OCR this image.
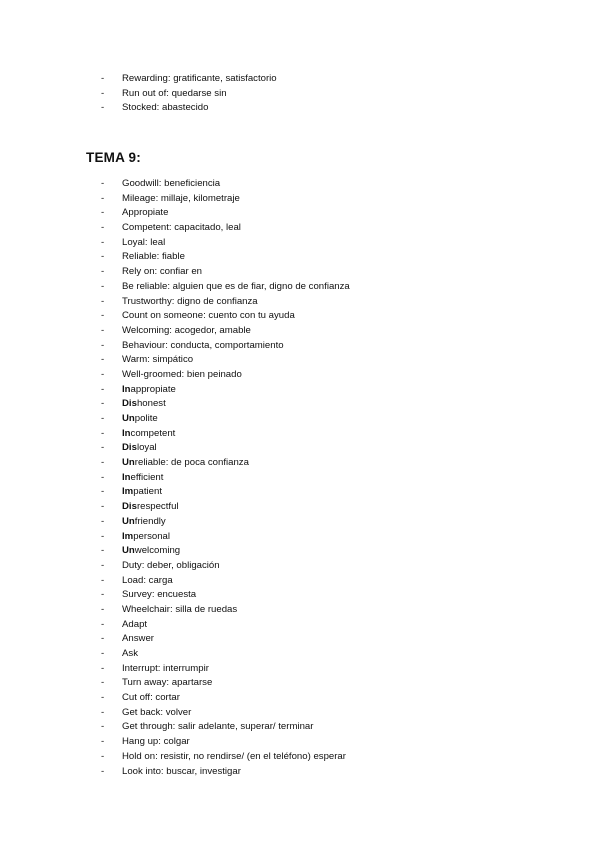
-	Rewarding: gratificante, satisfactorio
-	Run out of: quedarse sin
-	Stocked: abastecido
TEMA 9:
-	Goodwill: beneficiencia
-	Mileage: millaje, kilometraje
-	Appropiate
-	Competent: capacitado, leal
-	Loyal: leal
-	Reliable: fiable
-	Rely on: confiar en
-	Be reliable: alguien que es de fiar, digno de confianza
-	Trustworthy: digno de confianza
-	Count on someone: cuento con tu ayuda
-	Welcoming: acogedor, amable
-	Behaviour: conducta, comportamiento
-	Warm: simpático
-	Well-groomed: bien peinado
-	Inappropiate
-	Dishonest
-	Unpolite
-	Incompetent
-	Disloyal
-	Unreliable: de poca confianza
-	Inefficient
-	Impatient
-	Disrespectful
-	Unfriendly
-	Impersonal
-	Unwelcoming
-	Duty: deber, obligación
-	Load: carga
-	Survey: encuesta
-	Wheelchair: silla de ruedas
-	Adapt
-	Answer
-	Ask
-	Interrupt: interrumpir
-	Turn away: apartarse
-	Cut off: cortar
-	Get back: volver
-	Get through: salir adelante, superar/ terminar
-	Hang up: colgar
-	Hold on: resistir, no rendirse/ (en el teléfono) esperar
-	Look into: buscar, investigar
